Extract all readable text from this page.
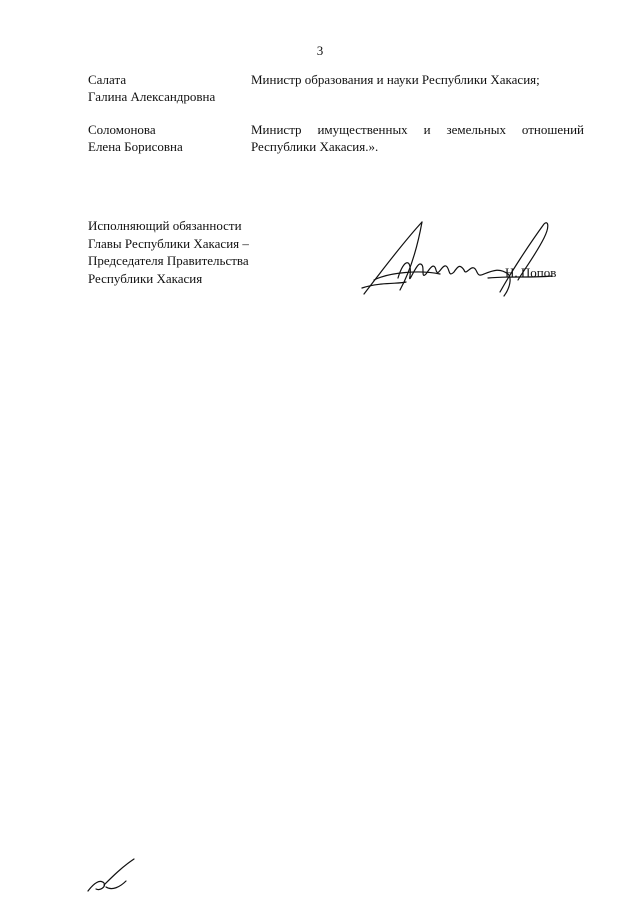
3
Салата
Галина Александровна
Министр образования и науки Республики Хакасия;
Соломонова
Елена Борисовна
Министр имущественных и земельных отношений
Республики Хакасия.».
Исполняющий обязанности
Главы Республики Хакасия –
Председателя Правительства
Республики Хакасия	Н. Попов
